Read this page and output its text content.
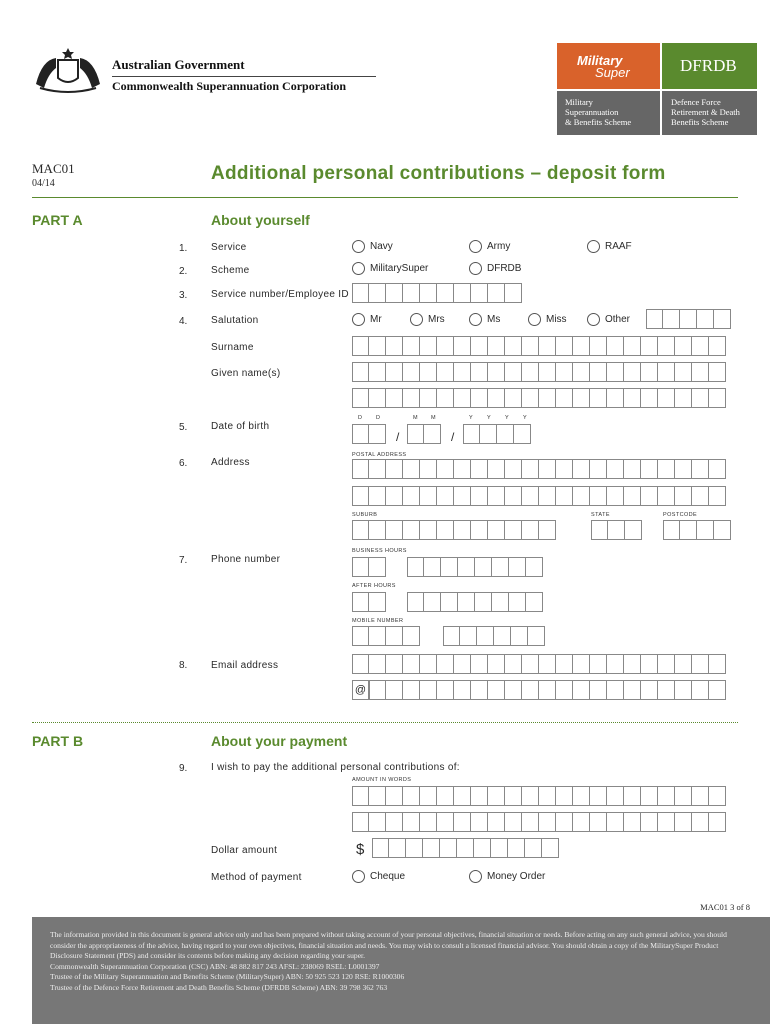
Australian Government
Commonwealth Superannuation Corporation
Military
Super	DFRDB
Military
Superannuation
& Benefits Scheme
Defence Force
Retirement & Death
Benefits Scheme
MAC01
04/14	Additional personal contributions – deposit form
PART A	About yourself
1. Service	Navy	Army	RAAF
2. Scheme	MilitarySuper	DFRDB
3. Service number/Employee ID
4. Salutation	Mr	Mrs	Ms	Miss	Other
Surname
Given name(s)
D D	M M	Y	Y	Y	Y
5. Date of birth
/	/
6. Address
POSTAL ADDRESS
SUBURB	STATE	POSTCODE
BUSINESS HOURS
7. Phone number
AFTER HOURS
MOBILE NUMBER
8. Email address
@
PART B	About your payment
9. I wish to pay the additional personal contributions of:
AMOUNT IN WORDS
Dollar amount	$
Method of payment	Cheque	Money Order
MAC01 3 of 8
The information provided in this document is general advice only and has been prepared without taking account of your personal objectives, financial situation or needs. Before acting on any such general advice, you should consider the appropriateness of the advice, having regard to your own objectives, financial situation and needs. You may wish to consult a licensed financial advisor. You should obtain a copy of the MilitarySuper Product Disclosure Statement (PDS) and consider its contents before making any decision regarding your super.
Commonwealth Superannuation Corporation (CSC) ABN: 48 882 817 243 AFSL: 238069 RSEL: L0001397
Trustee of the Military Superannuation and Benefits Scheme (MilitarySuper) ABN: 50 925 523 120 RSE: R1000306
Trustee of the Defence Force Retirement and Death Benefits Scheme (DFRDB Scheme) ABN: 39 798 362 763
